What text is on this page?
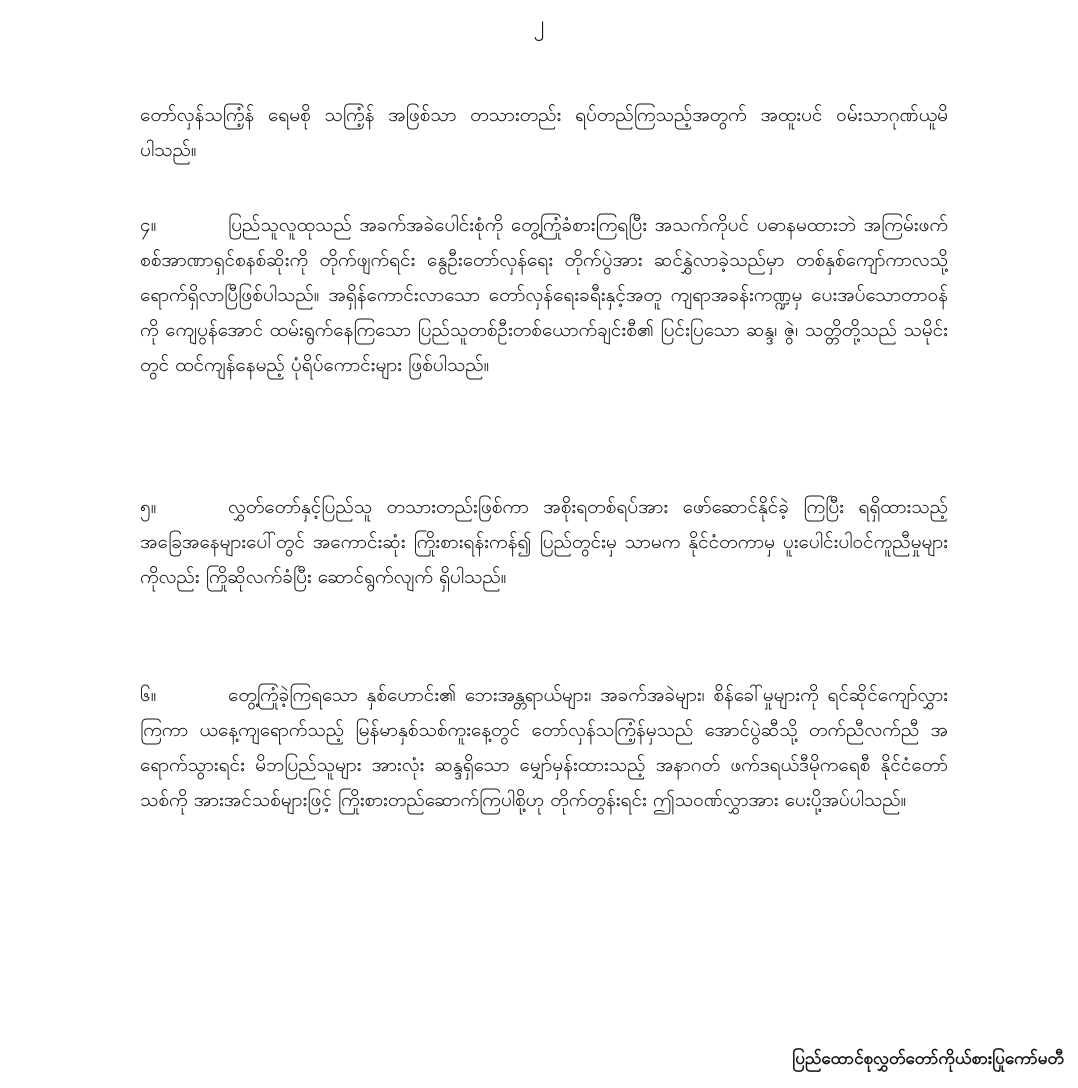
၂

တော်လှန်သကြံ့န် ရေမစို သကြံ့န် အဖြစ်သာ တသားတည်း ရပ်တည်ကြသည့်အတွက် အထူးပင် ဝမ်းသာဂုဏ်ယူမိပါသည်။

၄။	ပြည်သူလူထုသည် အခက်အခဲပေါင်းစုံကို တွေ့ကြုံခံစားကြရပြီး အသက်ကိုပင် ပဓာနမထားဘဲ အကြမ်းဖက်စစ်အာဏာရှင်စနစ်ဆိုးကို တိုက်ဖျက်ရင်း နွေဦးတော်လှန်ရေး တိုက်ပွဲအား ဆင်နွှဲလာခဲ့သည်မှာ တစ်နှစ်ကျော်ကာလသို့ ရောက်ရှိလာပြီဖြစ်ပါသည်။ အရှိန်ကောင်းလာသော တော်လှန်ရေးခရီးနှင့်အတူ ကျရာအခန်းကဏ္ဍမှ ပေးအပ်သောတာဝန်ကို ကျေပွန်အောင် ထမ်းရွက်နေကြသော ပြည်သူတစ်ဦးတစ်ယောက်ချင်းစီ၏ ပြင်းပြသော ဆန္ဒ၊ ဇွဲ၊ သတ္တိတို့သည် သမိုင်းတွင် ထင်ကျန်နေမည့် ပုံရိပ်ကောင်းများ ဖြစ်ပါသည်။

၅။	လွှတ်တော်နှင့်ပြည်သူ တသားတည်းဖြစ်ကာ အစိုးရတစ်ရပ်အား ဖော်ဆောင်နိုင်ခဲ့ ကြပြီး ရရှိထားသည့် အခြေအနေများပေါ်တွင် အကောင်းဆုံး ကြိုးစားရန်းကန်၍ ပြည်တွင်းမှ သာမက နိုင်ငံတကာမှ ပူးပေါင်းပါဝင်ကူညီမှုများကိုလည်း ကြိုဆိုလက်ခံပြီး ဆောင်ရွက်လျက် ရှိပါသည်။

၆။	တွေ့ကြုံခဲ့ကြရသော နှစ်ဟောင်း၏ ဘေးအန္တရာယ်များ၊ အခက်အခဲများ၊ စိန်ခေါ်မှုများကို ရင်ဆိုင်ကျော်လွှားကြကာ ယနေ့ကျရောက်သည့် မြန်မာနှစ်သစ်ကူးနေ့တွင် တော်လှန်သကြံ့န်မှသည် အောင်ပွဲဆီသို့ တက်ညီလက်ညီ အရောက်သွားရင်း မိဘပြည်သူများ အားလုံး ဆန္ဒရှိသော မျှော်မှန်းထားသည့် အနာဂတ် ဖက်ဒရယ်ဒီမိုကရေစီ နိုင်ငံတော်သစ်ကို အားအင်သစ်များဖြင့် ကြိုးစားတည်ဆောက်ကြပါစို့ဟု တိုက်တွန်းရင်း ဤသဝဏ်လွှာအား ပေးပို့အပ်ပါသည်။

ပြည်ထောင်စုလွှတ်တော်ကိုယ်စားပြုကော်မတီ
